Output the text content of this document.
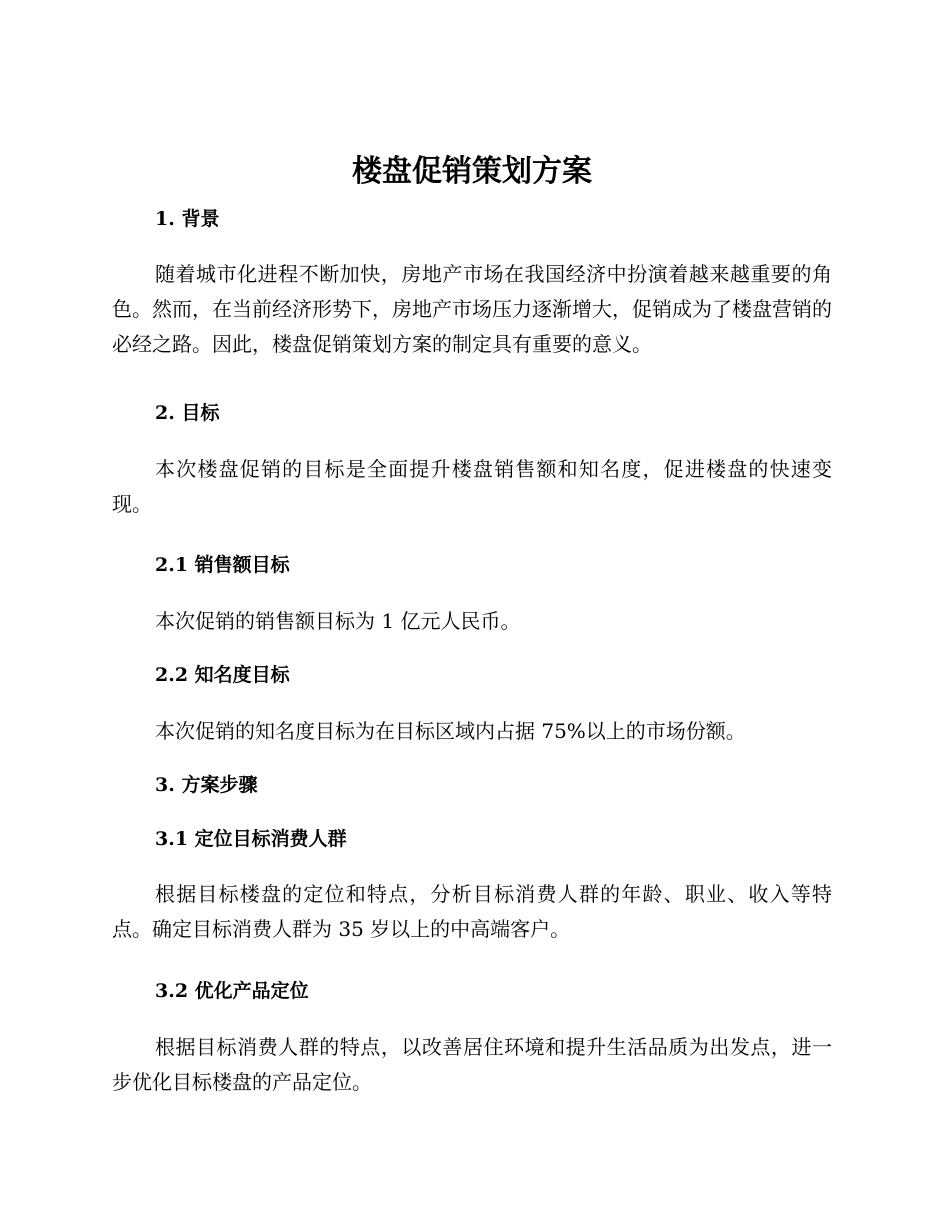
楼盘促销策划方案
1. 背景

随着城市化进程不断加快，房地产市场在我国经济中扮演着越来越重要的角色。然而，在当前经济形势下，房地产市场压力逐渐增大，促销成为了楼盘营销的必经之路。因此，楼盘促销策划方案的制定具有重要的意义。

2. 目标

本次楼盘促销的目标是全面提升楼盘销售额和知名度，促进楼盘的快速变现。

2.1 销售额目标

本次促销的销售额目标为 1 亿元人民币。

2.2 知名度目标

本次促销的知名度目标为在目标区域内占据 75%以上的市场份额。

3. 方案步骤
3.1 定位目标消费人群

根据目标楼盘的定位和特点，分析目标消费人群的年龄、职业、收入等特点。确定目标消费人群为 35 岁以上的中高端客户。

3.2 优化产品定位

根据目标消费人群的特点，以改善居住环境和提升生活品质为出发点，进一步优化目标楼盘的产品定位。
